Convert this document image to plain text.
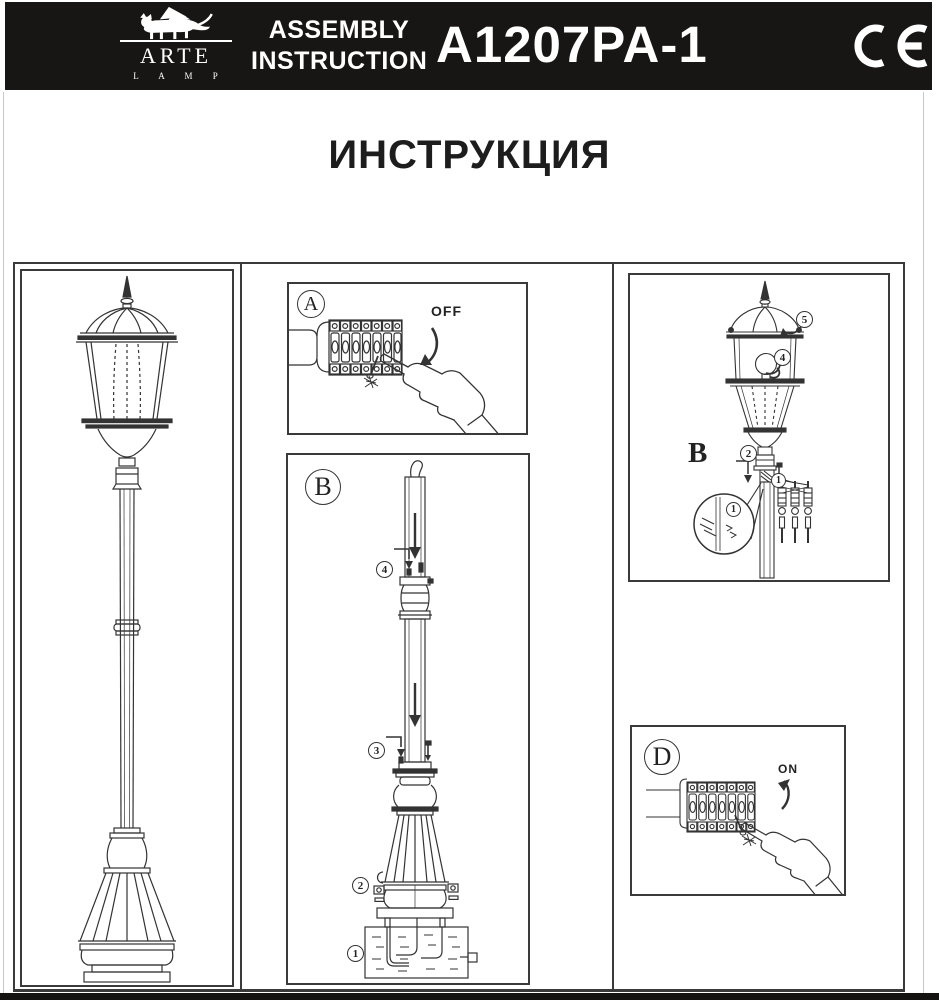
ARTE
L A M P
ASSEMBLY
INSTRUCTION A1207PA-1
ИНСТРУКЦИЯ
A	OFF
B
4
3
2
1
B
5
4
2
1
1
D	ON
